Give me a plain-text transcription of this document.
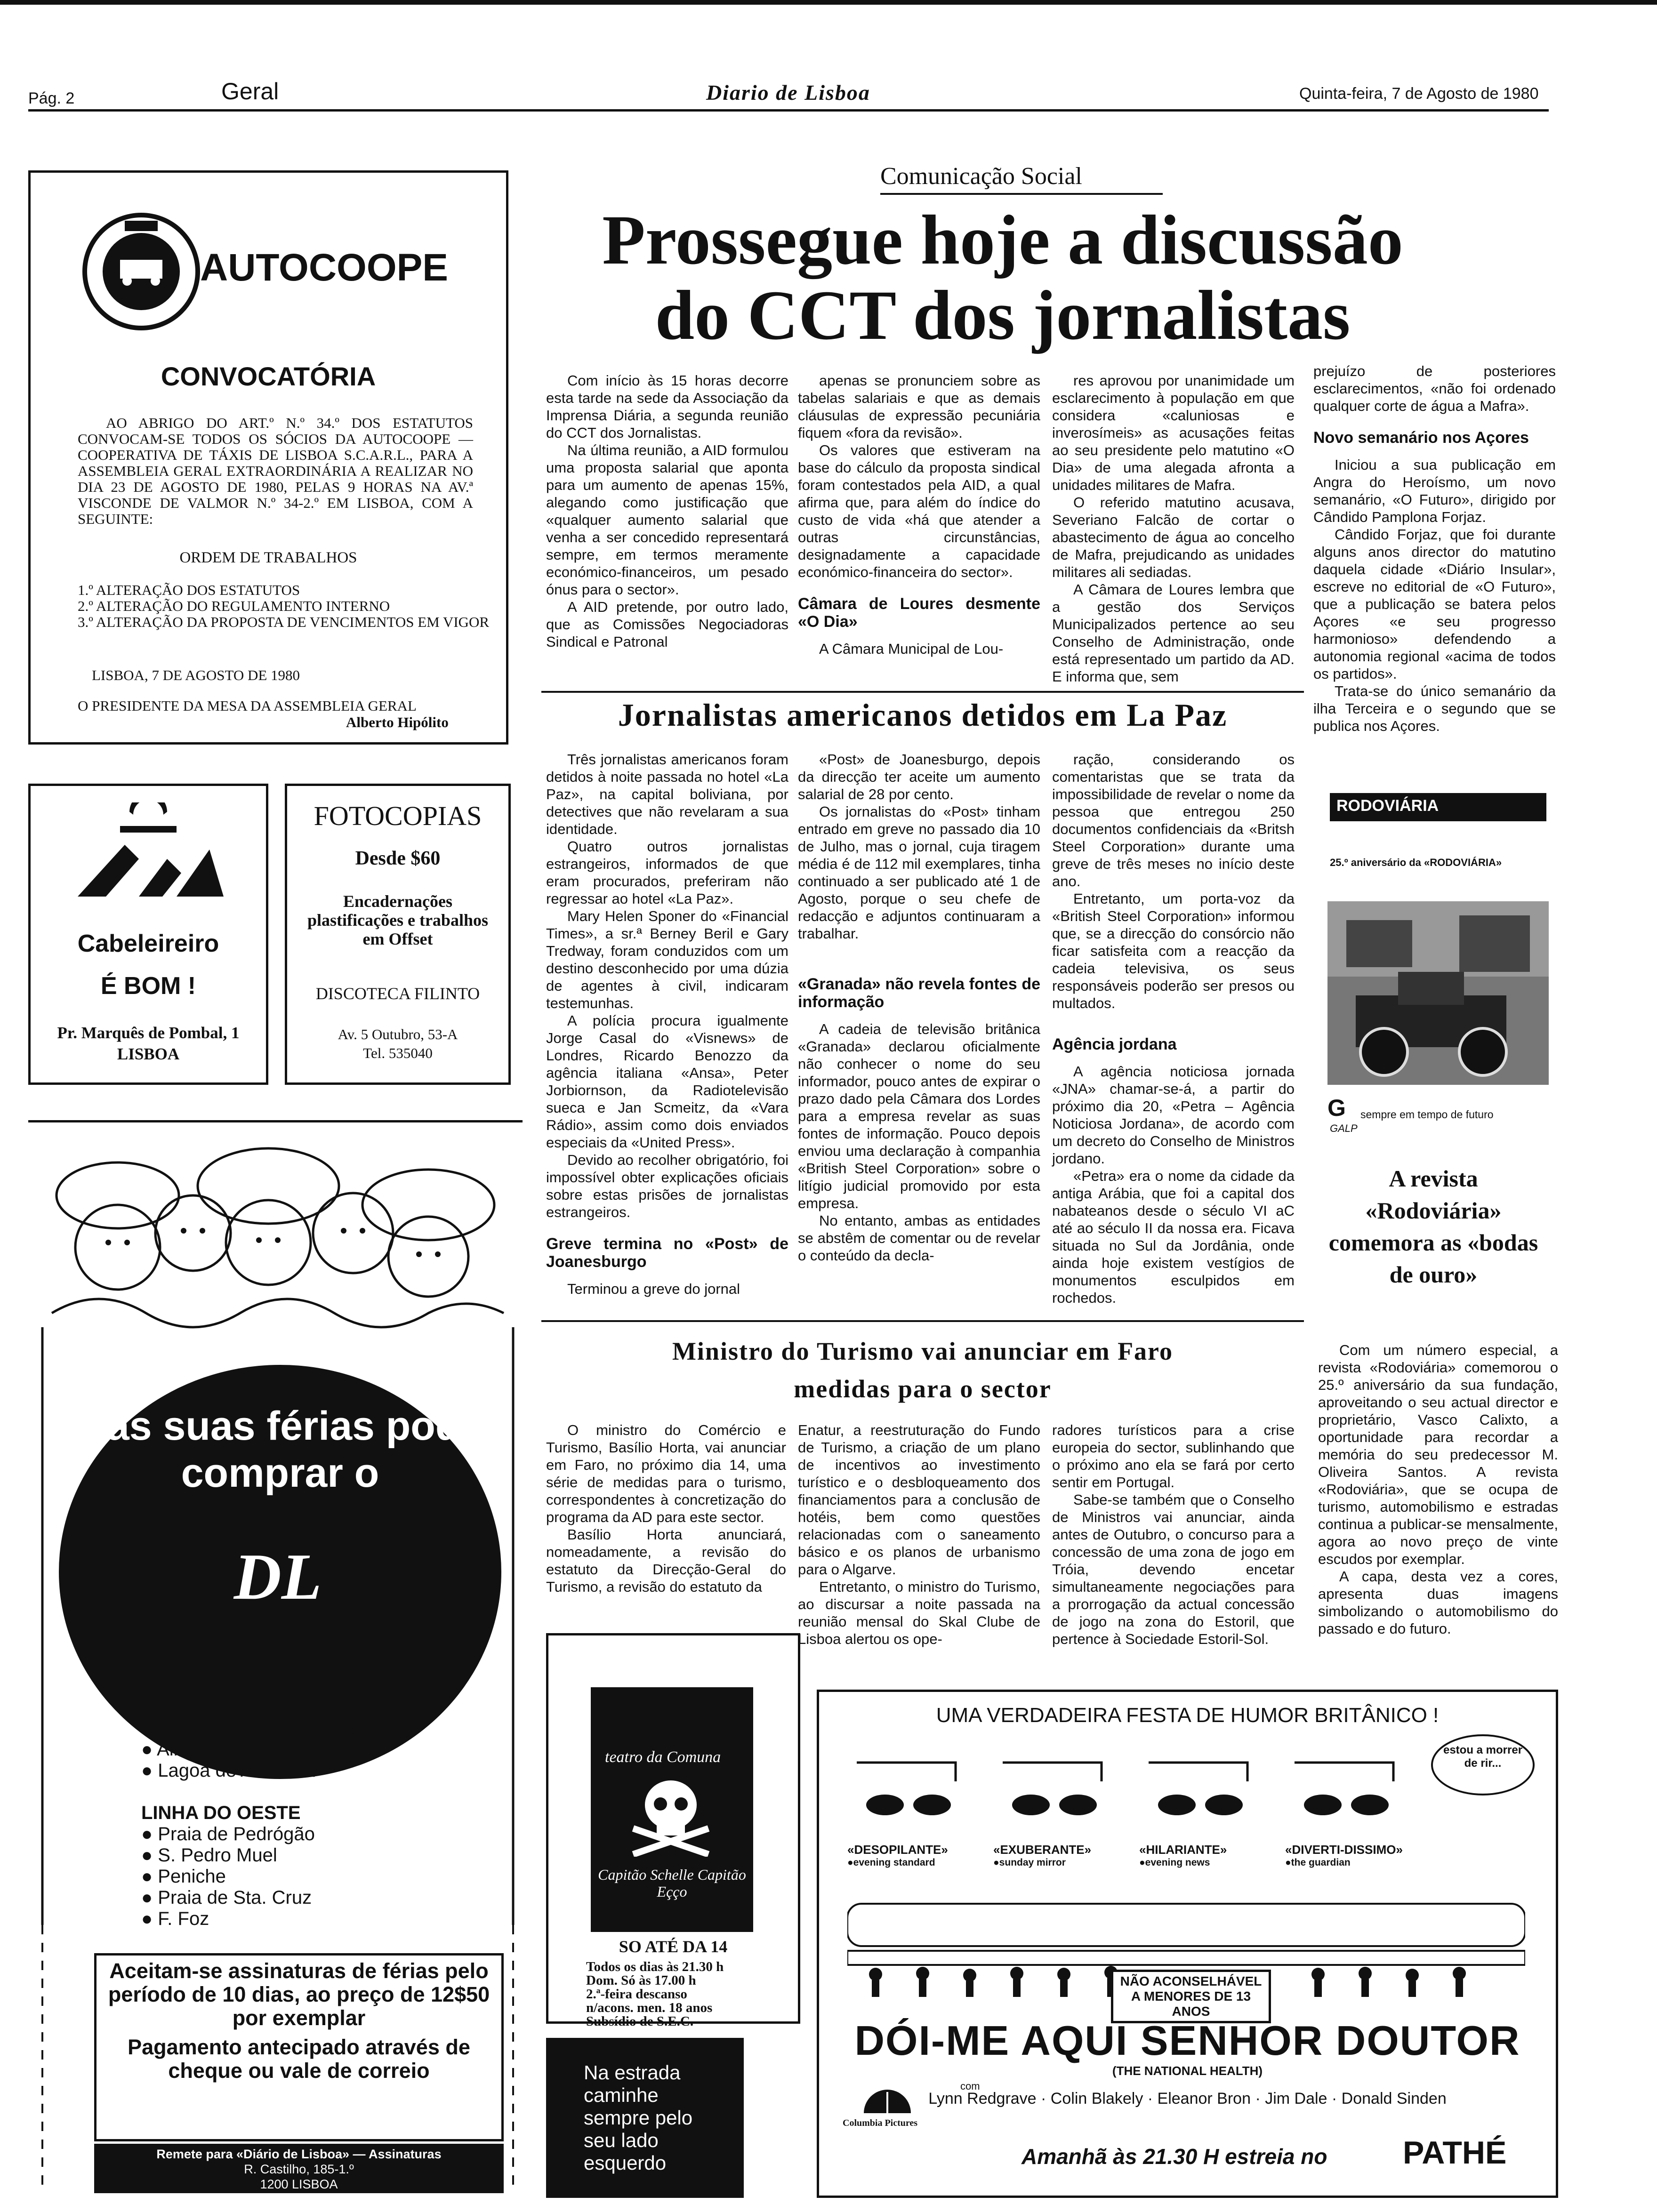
Pág. 2	Geral	Diario de Lisboa	Quinta-feira, 7 de Agosto de 1980
AUTOCOOPE
CONVOCATÓRIA
AO ABRIGO DO ART.º N.º 34.º DOS ESTATUTOS CONVOCAM-SE TODOS OS SÓCIOS DA AUTOCOOPE — COOPERATIVA DE TÁXIS DE LISBOA S.C.A.R.L., PARA A ASSEMBLEIA GERAL EXTRAORDINÁRIA A REALIZAR NO DIA 23 DE AGOSTO DE 1980, PELAS 9 HORAS NA AV.ª VISCONDE DE VALMOR N.º 34-2.º EM LISBOA, COM A SEGUINTE:
ORDEM DE TRABALHOS
1.º ALTERAÇÃO DOS ESTATUTOS
2.º ALTERAÇÃO DO REGULAMENTO INTERNO
3.º ALTERAÇÃO DA PROPOSTA DE VENCIMENTOS EM VIGOR
LISBOA, 7 DE AGOSTO DE 1980
O PRESIDENTE DA MESA DA ASSEMBLEIA GERAL
Alberto Hipólito
Cabeleireiro
É BOM !
Pr. Marquês de Pombal, 1
LISBOA
FOTOCOPIAS
Desde $60
Encadernações plastificações e trabalhos em Offset
DISCOTECA FILINTO
Av. 5 Outubro, 53-A
Tel. 535040
Nas suas férias pode comprar o
DL
COSTA DA CAPARICA
● CCL
● Parque Campismo Piedense
● Almadense
● Lagoa de Albufeira
LINHA DO OESTE
● Praia de Pedrógão
● S. Pedro Muel
● Peniche
● Praia de Sta. Cruz
● F. Foz
Aceitam-se assinaturas de férias pelo período de 10 dias, ao preço de 12$50 por exemplar
Pagamento antecipado através de cheque ou vale de correio
Remete para «Diário de Lisboa» — Assinaturas
R. Castilho, 185-1.º
1200 LISBOA
Comunicação Social
Prossegue hoje a discussão
do CCT dos jornalistas

Com início às 15 horas decorre esta tarde na sede da Associação da Imprensa Diária, a segunda reunião do CCT dos Jornalistas.

Na última reunião, a AID formulou uma proposta salarial que aponta para um aumento de apenas 15%, alegando como justificação que «qualquer aumento salarial que venha a ser concedido representará sempre, em termos meramente económico-financeiros, um pesado ónus para o sector».

A AID pretende, por outro lado, que as Comissões Negociadoras Sindical e Patronal

apenas se pronunciem sobre as tabelas salariais e que as demais cláusulas de expressão pecuniária fiquem «fora da revisão».

Os valores que estiveram na base do cálculo da proposta sindical foram contestados pela AID, a qual afirma que, para além do índice do custo de vida «há que atender a outras circunstâncias, designadamente a capacidade económico-financeira do sector».

Câmara de Loures desmente «O Dia»

A Câmara Municipal de Lou-

res aprovou por unanimidade um esclarecimento à população em que considera «caluniosas e inverosímeis» as acusações feitas ao seu presidente pelo matutino «O Dia» de uma alegada afronta a unidades militares de Mafra.

O referido matutino acusava, Severiano Falcão de cortar o abastecimento de água ao concelho de Mafra, prejudicando as unidades militares ali sediadas.

A Câmara de Loures lembra que a gestão dos Serviços Municipalizados pertence ao seu Conselho de Administração, onde está representado um partido da AD. E informa que, sem

prejuízo de posteriores esclarecimentos, «não foi ordenado qualquer corte de água a Mafra».

Novo semanário nos Açores

Iniciou a sua publicação em Angra do Heroísmo, um novo semanário, «O Futuro», dirigido por Cândido Pamplona Forjaz.

Cândido Forjaz, que foi durante alguns anos director do matutino daquela cidade «Diário Insular», escreve no editorial de «O Futuro», que a publicação se batera pelos Açores «e seu progresso harmonioso» defendendo a autonomia regional «acima de todos os partidos».

Trata-se do único semanário da ilha Terceira e o segundo que se publica nos Açores.

Jornalistas americanos detidos em La Paz

Três jornalistas americanos foram detidos à noite passada no hotel «La Paz», na capital boliviana, por detectives que não revelaram a sua identidade.

Quatro outros jornalistas estrangeiros, informados de que eram procurados, preferiram não regressar ao hotel «La Paz».

Mary Helen Sponer do «Financial Times», a sr.ª Berney Beril e Gary Tredway, foram conduzidos com um destino desconhecido por uma dúzia de agentes à civil, indicaram testemunhas.

A polícia procura igualmente Jorge Casal do «Visnews» de Londres, Ricardo Benozzo da agência italiana «Ansa», Peter Jorbiornson, da Radiotelevisão sueca e Jan Scmeitz, da «Vara Rádio», assim como dois enviados especiais da «United Press».

Devido ao recolher obrigatório, foi impossível obter explicações oficiais sobre estas prisões de jornalistas estrangeiros.

Greve termina no «Post» de Joanesburgo

Terminou a greve do jornal

«Post» de Joanesburgo, depois da direcção ter aceite um aumento salarial de 28 por cento.

Os jornalistas do «Post» tinham entrado em greve no passado dia 10 de Julho, mas o jornal, cuja tiragem média é de 112 mil exemplares, tinha continuado a ser publicado até 1 de Agosto, porque o seu chefe de redacção e adjuntos continuaram a trabalhar.

«Granada» não revela fontes de informação

A cadeia de televisão britânica «Granada» declarou oficialmente não conhecer o nome do seu informador, pouco antes de expirar o prazo dado pela Câmara dos Lordes para a empresa revelar as suas fontes de informação. Pouco depois enviou uma declaração à companhia «British Steel Corporation» sobre o litígio judicial promovido por esta empresa.

No entanto, ambas as entidades se abstêm de comentar ou de revelar o conteúdo da decla-

ração, considerando os comentaristas que se trata da impossibilidade de revelar o nome da pessoa que entregou 250 documentos confidenciais da «Britsh Steel Corporation» durante uma greve de três meses no início deste ano.

Entretanto, um porta-voz da «British Steel Corporation» informou que, se a direcção do consórcio não ficar satisfeita com a reacção da cadeia televisiva, os seus responsáveis poderão ser presos ou multados.

Agência jordana

A agência noticiosa jornada «JNA» chamar-se-á, a partir do próximo dia 20, «Petra – Agência Noticiosa Jordana», de acordo com um decreto do Conselho de Ministros jordano.

«Petra» era o nome da cidade da antiga Arábia, que foi a capital dos nabateanos desde o século VI aC até ao século II da nossa era. Ficava situada no Sul da Jordânia, onde ainda hoje existem vestígios de monumentos esculpidos em rochedos.

RODOVIÁRIA
25.º aniversário da «RODOVIÁRIA»
G sempre em tempo de futuro
GALP
A revista «Rodoviária» comemora as «bodas de ouro»

Com um número especial, a revista «Rodoviária» comemorou o 25.º aniversário da sua fundação, aproveitando o seu actual director e proprietário, Vasco Calixto, a oportunidade para recordar a memória do seu predecessor M. Oliveira Santos. A revista «Rodoviária», que se ocupa de turismo, automobilismo e estradas continua a publicar-se mensalmente, agora ao novo preço de vinte escudos por exemplar.

A capa, desta vez a cores, apresenta duas imagens simbolizando o automobilismo do passado e do futuro.

Ministro do Turismo vai anunciar em Faro
medidas para o sector

O ministro do Comércio e Turismo, Basílio Horta, vai anunciar em Faro, no próximo dia 14, uma série de medidas para o turismo, correspondentes à concretização do programa da AD para este sector.

Basílio Horta anunciará, nomeadamente, a revisão do estatuto da Direcção-Geral do Turismo, a revisão do estatuto da

Enatur, a reestruturação do Fundo de Turismo, a criação de um plano de incentivos ao investimento turístico e o desbloqueamento dos financiamentos para a conclusão de hotéis, bem como questões relacionadas com o saneamento básico e os planos de urbanismo para o Algarve.

Entretanto, o ministro do Turismo, ao discursar a noite passada na reunião mensal do Skal Clube de Lisboa alertou os ope-

radores turísticos para a crise europeia do sector, sublinhando que o próximo ano ela se fará por certo sentir em Portugal.

Sabe-se também que o Conselho de Ministros vai anunciar, ainda antes de Outubro, o concurso para a concessão de uma zona de jogo em Tróia, devendo encetar simultaneamente negociações para a prorrogação da actual concessão de jogo na zona do Estoril, que pertence à Sociedade Estoril-Sol.

teatro da Comuna
Capitão Schelle Capitão Eçço
SO ATÉ DA 14
Todos os dias às 21.30 h
Dom. Só às 17.00 h
2.ª-feira descanso
n/acons. men. 18 anos
Subsídio de S.E.C.
Na estrada caminhe sempre pelo seu lado esquerdo
UMA VERDADEIRA FESTA DE HUMOR BRITÂNICO !
estou a morrer de rir...
«DESOPILANTE»
●evening standard
«EXUBERANTE»
●sunday mirror
«HILARIANTE»
●evening news
«DIVERTI-DISSIMO»
●the guardian
NÃO ACONSELHÁVEL A MENORES DE 13 ANOS
DÓI-ME AQUI SENHOR DOUTOR
(THE NATIONAL HEALTH)
com
Lynn Redgrave · Colin Blakely · Eleanor Bron · Jim Dale · Donald Sinden
Columbia Pictures
Amanhã às 21.30 H estreia no PATHÉ
